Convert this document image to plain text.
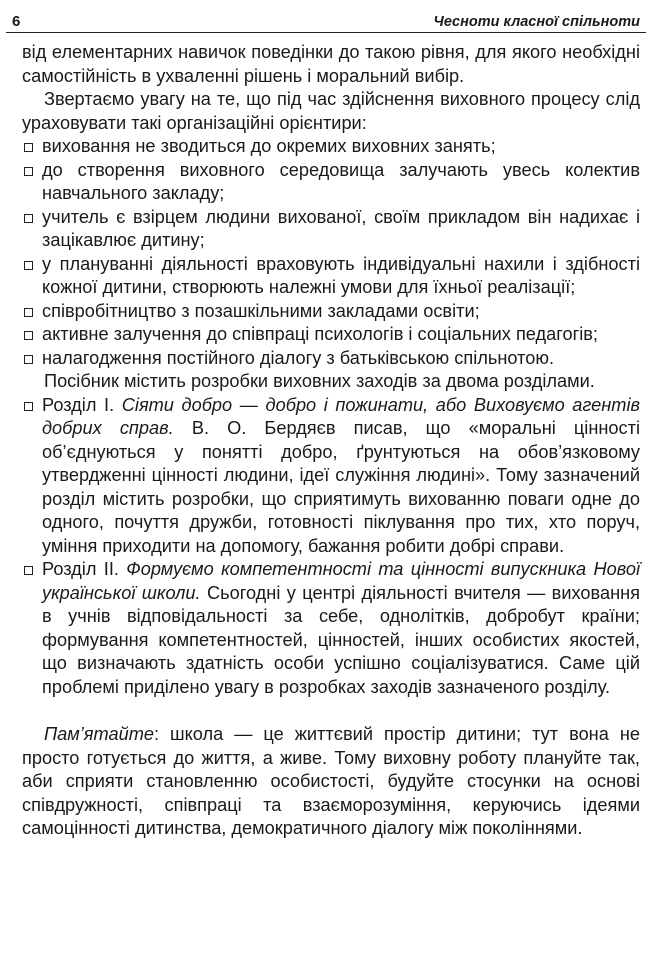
6	Чесноти класної спільноти

від елементарних навичок поведінки до такою рівня, для якого необхідні самостійність в ухваленні рішень і моральний вибір.

Звертаємо увагу на те, що під час здійснення виховного процесу слід ураховувати такі організаційні орієнтири:

виховання не зводиться до окремих виховних занять;
до створення виховного середовища залучають увесь колектив навчального закладу;
учитель є взірцем людини вихованої, своїм прикладом він надихає і зацікавлює дитину;
у плануванні діяльності враховують індивідуальні нахили і здібності кожної дитини, створюють належні умови для їхньої реалізації;
співробітництво з позашкільними закладами освіти;
активне залучення до співпраці психологів і соціальних педагогів;
налагодження постійного діалогу з батьківською спільнотою.

Посібник містить розробки виховних заходів за двома розділами.

Розділ І. Сіяти добро — добро і пожинати, або Виховуємо агентів добрих справ. В. О. Бердяєв писав, що «моральні цінності об’єднуються у понятті добро, ґрунтуються на обов’язковому утвердженні цінності людини, ідеї служіння людині». Тому зазначений розділ містить розробки, що сприятимуть вихованню поваги одне до одного, почуття дружби, готовності піклування про тих, хто поруч, уміння приходити на допомогу, бажання робити добрі справи.
Розділ ІІ. Формуємо компетентності та цінності випускника Нової української школи. Сьогодні у центрі діяльності вчителя — виховання в учнів відповідальності за себе, однолітків, добробут країни; формування компетентностей, цінностей, інших особистих якостей, що визначають здатність особи успішно соціалізуватися. Саме цій проблемі приділено увагу в розробках заходів зазначеного розділу.

Пам’ятайте: школа — це життєвий простір дитини; тут вона не просто готується до життя, а живе. Тому виховну роботу плануйте так, аби сприяти становленню особистості, будуйте стосунки на основі співдружності, співпраці та взаєморозуміння, керуючись ідеями самоцінності дитинства, демократичного діалогу між поколіннями.
